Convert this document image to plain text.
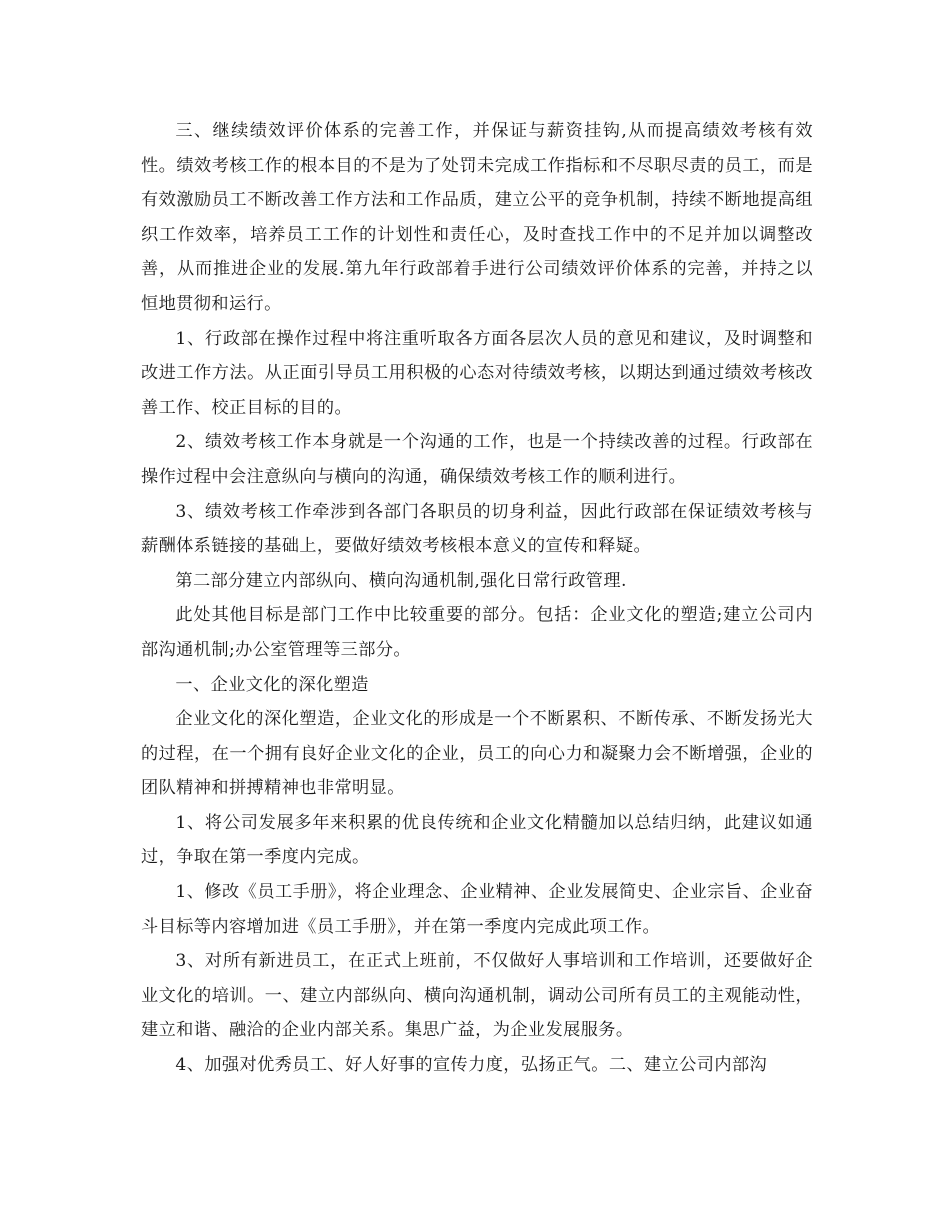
三、继续绩效评价体系的完善工作，并保证与薪资挂钩,从而提高绩效考核有效性。绩效考核工作的根本目的不是为了处罚未完成工作指标和不尽职尽责的员工，而是有效激励员工不断改善工作方法和工作品质，建立公平的竞争机制，持续不断地提高组织工作效率，培养员工工作的计划性和责任心，及时查找工作中的不足并加以调整改善，从而推进企业的发展.第九年行政部着手进行公司绩效评价体系的完善，并持之以恒地贯彻和运行。

1、行政部在操作过程中将注重听取各方面各层次人员的意见和建议，及时调整和改进工作方法。从正面引导员工用积极的心态对待绩效考核，以期达到通过绩效考核改善工作、校正目标的目的。

2、绩效考核工作本身就是一个沟通的工作，也是一个持续改善的过程。行政部在操作过程中会注意纵向与横向的沟通，确保绩效考核工作的顺利进行。

3、绩效考核工作牵涉到各部门各职员的切身利益，因此行政部在保证绩效考核与薪酬体系链接的基础上，要做好绩效考核根本意义的宣传和释疑。

第二部分建立内部纵向、横向沟通机制,强化日常行政管理.

此处其他目标是部门工作中比较重要的部分。包括：企业文化的塑造;建立公司内部沟通机制;办公室管理等三部分。

一、企业文化的深化塑造

企业文化的深化塑造，企业文化的形成是一个不断累积、不断传承、不断发扬光大的过程，在一个拥有良好企业文化的企业，员工的向心力和凝聚力会不断增强，企业的团队精神和拼搏精神也非常明显。

1、将公司发展多年来积累的优良传统和企业文化精髓加以总结归纳，此建议如通过，争取在第一季度内完成。

1、修改《员工手册》，将企业理念、企业精神、企业发展简史、企业宗旨、企业奋斗目标等内容增加进《员工手册》，并在第一季度内完成此项工作。

3、对所有新进员工，在正式上班前，不仅做好人事培训和工作培训，还要做好企业文化的培训。一、建立内部纵向、横向沟通机制，调动公司所有员工的主观能动性，建立和谐、融洽的企业内部关系。集思广益，为企业发展服务。

4、加强对优秀员工、好人好事的宣传力度，弘扬正气。二、建立公司内部沟
